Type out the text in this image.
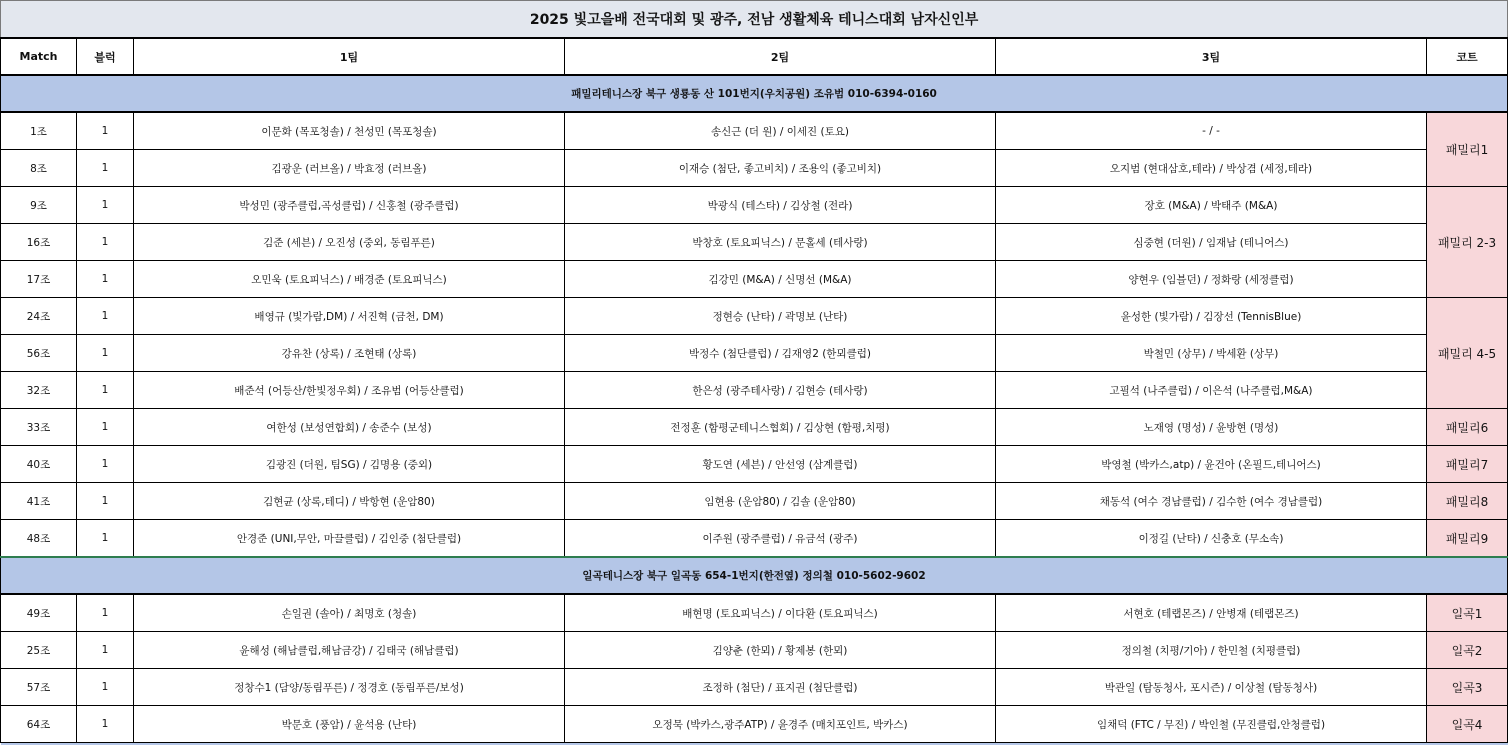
2025 빛고을배 전국대회 및 광주, 전남 생활체육 테니스대회 남자신인부					
Match	블럭	1팀	2팀	3팀	코트
패밀리테니스장 북구 생룡동 산 101번지(우치공원) 조유범 010-6394-0160					
1조	1	이문화 (목포청솔) / 천성민 (목포청솔)	송신근 (더 원) / 이세진 (토요)	- / -	패밀리1
8조	1	김광운 (러브올) / 박효정 (러브올)	이재승 (첨단, 좋고비치) / 조용익 (좋고비치)	오지범 (현대삼호,테라) / 박상겸 (세정,테라)	
9조	1	박성민 (광주클럽,곡성클럽) / 신홍철 (광주클럽)	박광식 (테스타) / 김상철 (전라)	장호 (M&A) / 박태주 (M&A)	패밀리 2-3
16조	1	김준 (세븐) / 오진성 (중외, 동림푸른)	박창호 (토요피닉스) / 문홀세 (테사랑)	심중현 (더원) / 임재남 (테니어스)	
17조	1	오민욱 (토요피닉스) / 배경준 (토요피닉스)	김강민 (M&A) / 신명선 (M&A)	양현우 (임블던) / 정화랑 (세정클럽)	
24조	1	배영규 (빛가람,DM) / 서진혁 (금천, DM)	정현승 (난타) / 곽명보 (난타)	윤성한 (빛가람) / 김장선 (TennisBlue)	패밀리 4-5
56조	1	강유찬 (상록) / 조현태 (상록)	박정수 (첨단클럽) / 김재영2 (한뫼클럽)	박철민 (상무) / 박세환 (상무)	
32조	1	배준석 (어등산/한빛정우회) / 조유범 (어등산클럽)	한은성 (광주테사랑) / 김현승 (테사랑)	고필석 (나주클럽) / 이은석 (나주클럽,M&A)	
33조	1	여한성 (보성연합회) / 송준수 (보성)	전정훈 (함평군테니스협회) / 김상현 (함평,치평)	노재영 (명성) / 윤방현 (명성)	패밀리6
40조	1	김광진 (더원, 팀SG) / 김명용 (중외)	황도연 (세븐) / 안선영 (삼계클럽)	박영철 (박카스,atp) / 윤건아 (온필드,테니어스)	패밀리7
41조	1	김현균 (상록,테디) / 박항현 (운암80)	임현용 (운암80) / 김솔 (운암80)	채동석 (여수 경남클럽) / 김수한 (여수 경남클럽)	패밀리8
48조	1	안경준 (UNI,무안, 마끌클럽) / 김인중 (첨단클럽)	이주원 (광주클럽) / 유금석 (광주)	이정길 (난타) / 신충호 (무소속)	패밀리9
일곡테니스장 북구 일곡동 654-1번지(한전옆) 정의철 010-5602-9602					
49조	1	손일권 (솔아) / 최명호 (청솔)	배현명 (토요피닉스) / 이다환 (토요피닉스)	서현호 (테랩몬즈) / 안병재 (테랩몬즈)	일곡1
25조	1	윤해성 (해남클럽,해남금강) / 김태국 (해남클럽)	김양춘 (한뫼) / 황제봉 (한뫼)	정의철 (치평/기아) / 한민철 (치평클럽)	일곡2
57조	1	정창수1 (담양/동림푸른) / 정경호 (동림푸른/보성)	조정하 (첨단) / 표지권 (첨단클럽)	박관일 (탐동청사, 포시즌) / 이상철 (탐동청사)	일곡3
64조	1	박문호 (풍암) / 윤석용 (난타)	오정묵 (박카스,광주ATP) / 윤경주 (매치포인트, 박카스)	임채덕 (FTC / 무진) / 박인철 (무진클럽,안청클럽)	일곡4
